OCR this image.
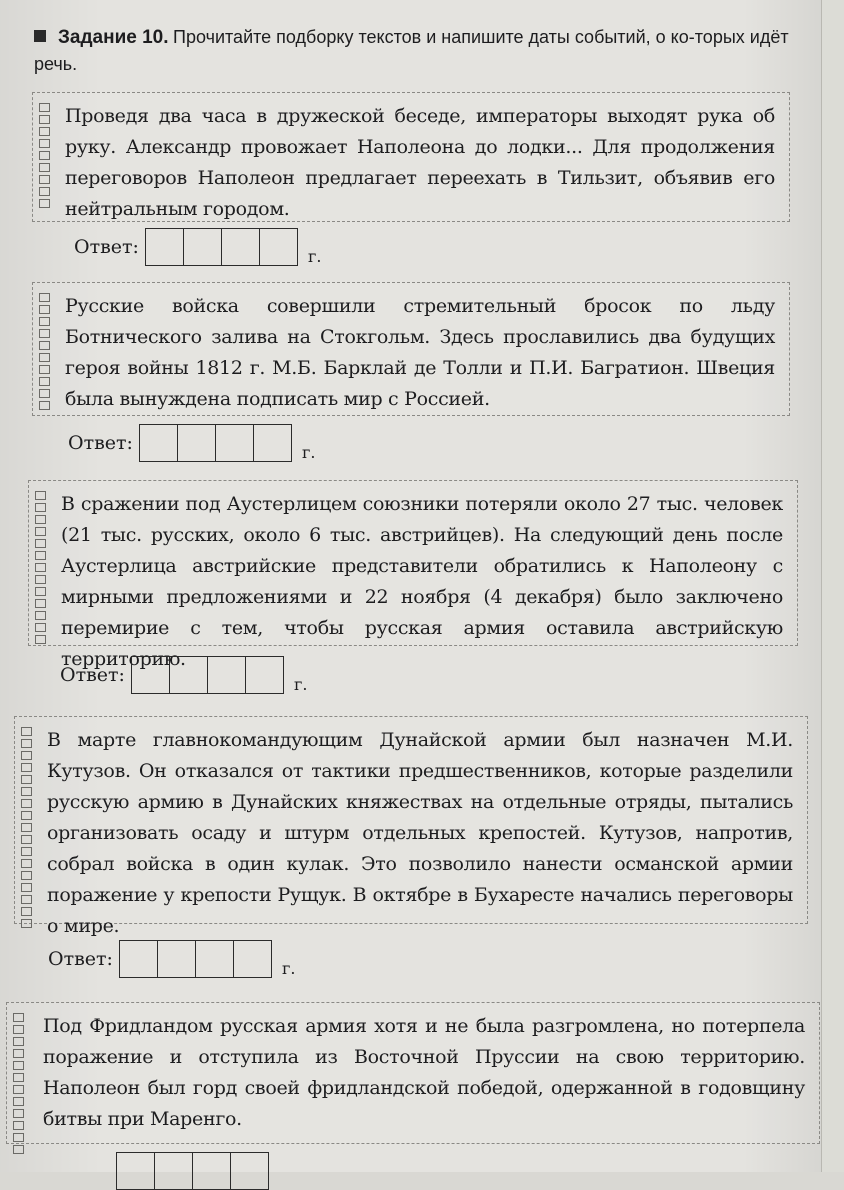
Задание 10. Прочитайте подборку текстов и напишите даты событий, о ко-торых идёт речь.
Проведя два часа в дружеской беседе, императоры выходят рука об руку. Александр провожает Наполеона до лодки... Для продолжения переговоров Наполеон предлагает переехать в Тильзит, объявив его нейтральным городом.
Ответ:	г.
Русские войска совершили стремительный бросок по льду Ботнического залива на Стокгольм. Здесь прославились два будущих героя войны 1812 г. М.Б. Барклай де Толли и П.И. Багратион. Швеция была вынуждена подписать мир с Россией.
Ответ:	г.
В сражении под Аустерлицем союзники потеряли около 27 тыс. человек (21 тыс. русских, около 6 тыс. австрийцев). На следующий день после Аустерлица австрийские представители обратились к Наполеону с мирными предложениями и 22 ноября (4 декабря) было заключено перемирие с тем, чтобы русская армия оставила австрийскую территорию.
Ответ:	г.
В марте главнокомандующим Дунайской армии был назначен М.И. Кутузов. Он отказался от тактики предшественников, которые разделили русскую армию в Дунайских княжествах на отдельные отряды, пытались организовать осаду и штурм отдельных крепостей. Кутузов, напротив, собрал войска в один кулак. Это позволило нанести османской армии поражение у крепости Рущук. В октябре в Бухаресте начались переговоры о мире.
Ответ:	г.
Под Фридландом русская армия хотя и не была разгромлена, но потерпела поражение и отступила из Восточной Пруссии на свою территорию. Наполеон был горд своей фридландской победой, одержанной в годовщину битвы при Маренго.
